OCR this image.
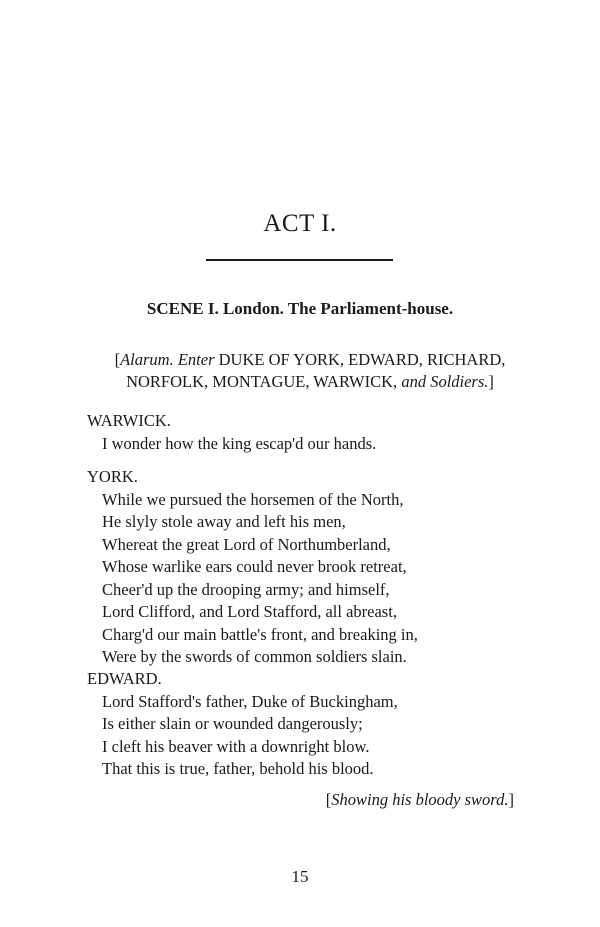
ACT I.
SCENE I. London. The Parliament-house.
[Alarum. Enter DUKE OF YORK, EDWARD, RICHARD,
NORFOLK, MONTAGUE, WARWICK, and Soldiers.]
WARWICK.
I wonder how the king escap'd our hands.
YORK.
While we pursued the horsemen of the North,
He slyly stole away and left his men,
Whereat the great Lord of Northumberland,
Whose warlike ears could never brook retreat,
Cheer'd up the drooping army; and himself,
Lord Clifford, and Lord Stafford, all abreast,
Charg'd our main battle's front, and breaking in,
Were by the swords of common soldiers slain.
EDWARD.
Lord Stafford's father, Duke of Buckingham,
Is either slain or wounded dangerously;
I cleft his beaver with a downright blow.
That this is true, father, behold his blood.
[Showing his bloody sword.]
15
